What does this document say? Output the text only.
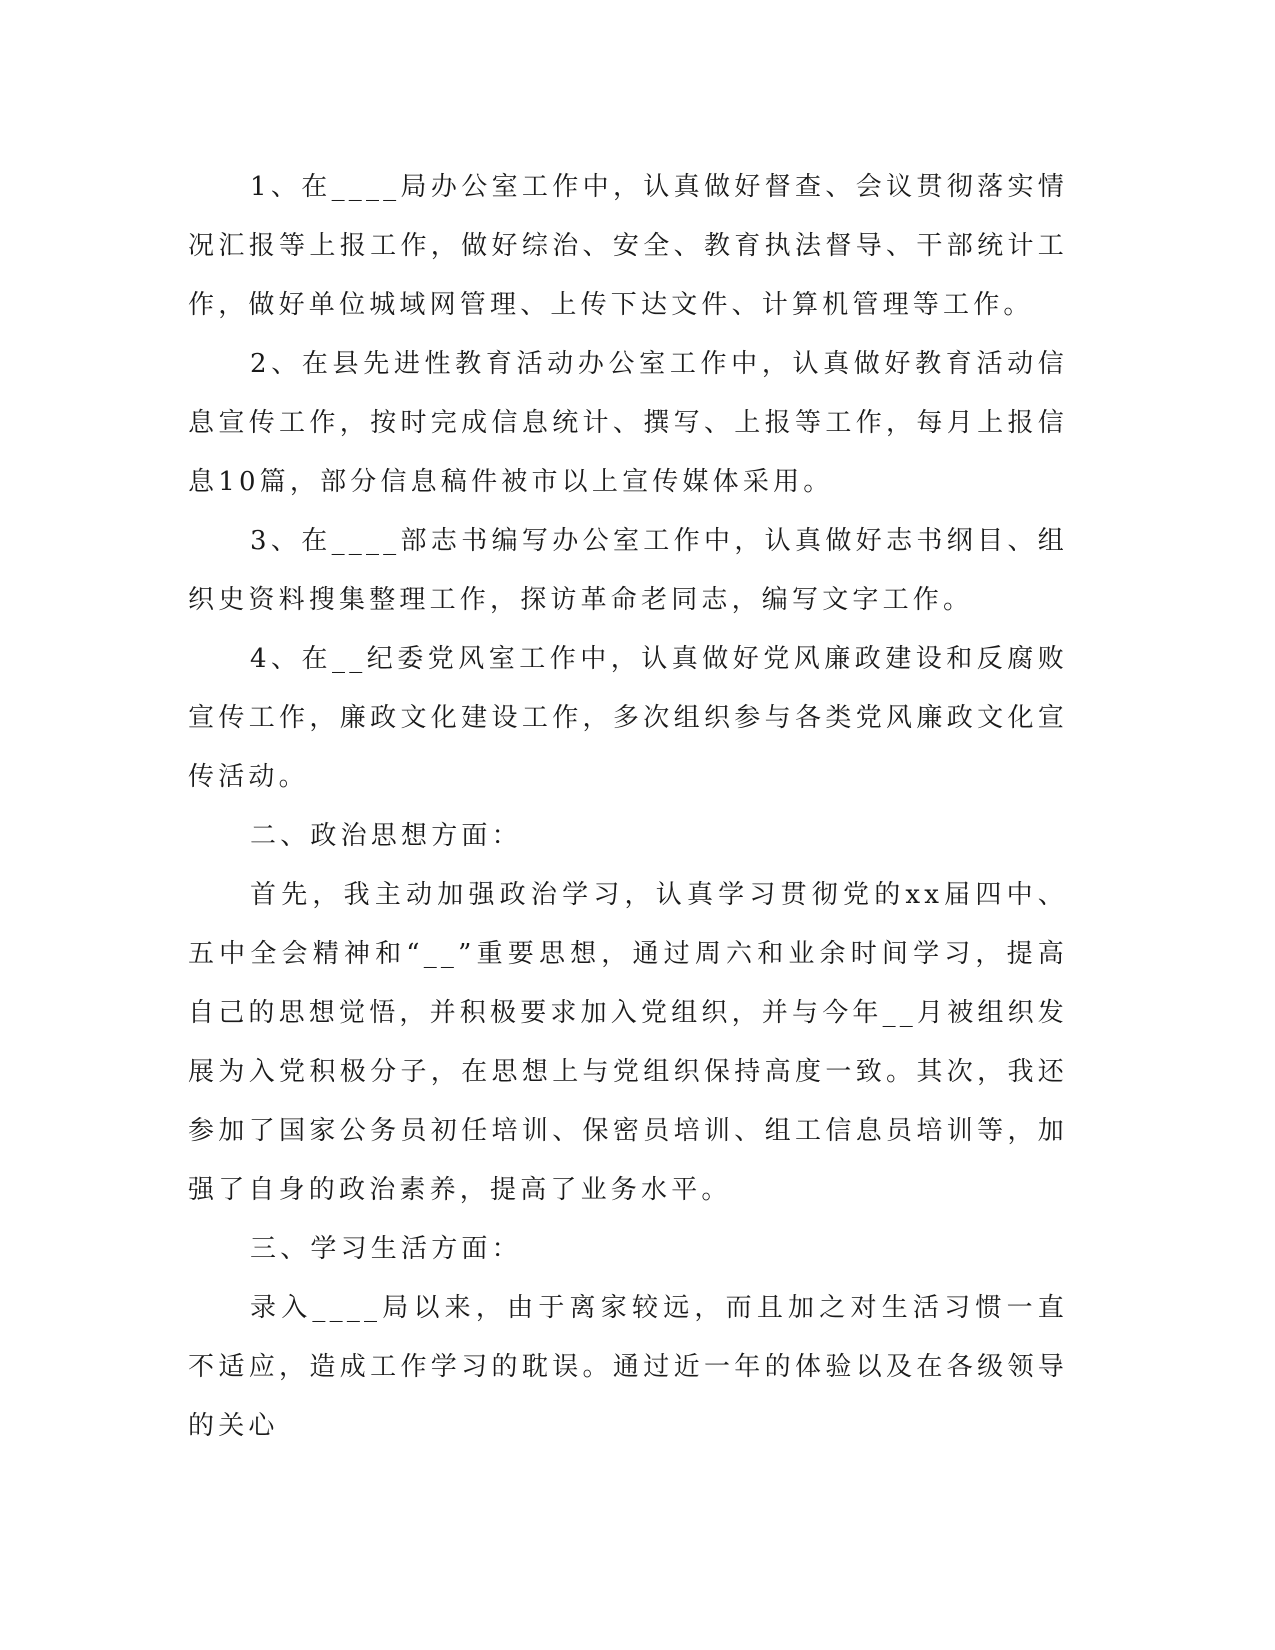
1、在____局办公室工作中，认真做好督查、会议贯彻落实情况汇报等上报工作，做好综治、安全、教育执法督导、干部统计工作，做好单位城域网管理、上传下达文件、计算机管理等工作。

2、在县先进性教育活动办公室工作中，认真做好教育活动信息宣传工作，按时完成信息统计、撰写、上报等工作，每月上报信息10篇，部分信息稿件被市以上宣传媒体采用。

3、在____部志书编写办公室工作中，认真做好志书纲目、组织史资料搜集整理工作，探访革命老同志，编写文字工作。

4、在__纪委党风室工作中，认真做好党风廉政建设和反腐败宣传工作，廉政文化建设工作，多次组织参与各类党风廉政文化宣传活动。

二、政治思想方面：

首先，我主动加强政治学习，认真学习贯彻党的xx届四中、五中全会精神和“__”重要思想，通过周六和业余时间学习，提高自己的思想觉悟，并积极要求加入党组织，并与今年__月被组织发展为入党积极分子，在思想上与党组织保持高度一致。其次，我还参加了国家公务员初任培训、保密员培训、组工信息员培训等，加强了自身的政治素养，提高了业务水平。

三、学习生活方面：

录入____局以来，由于离家较远，而且加之对生活习惯一直不适应，造成工作学习的耽误。通过近一年的体验以及在各级领导的关心
